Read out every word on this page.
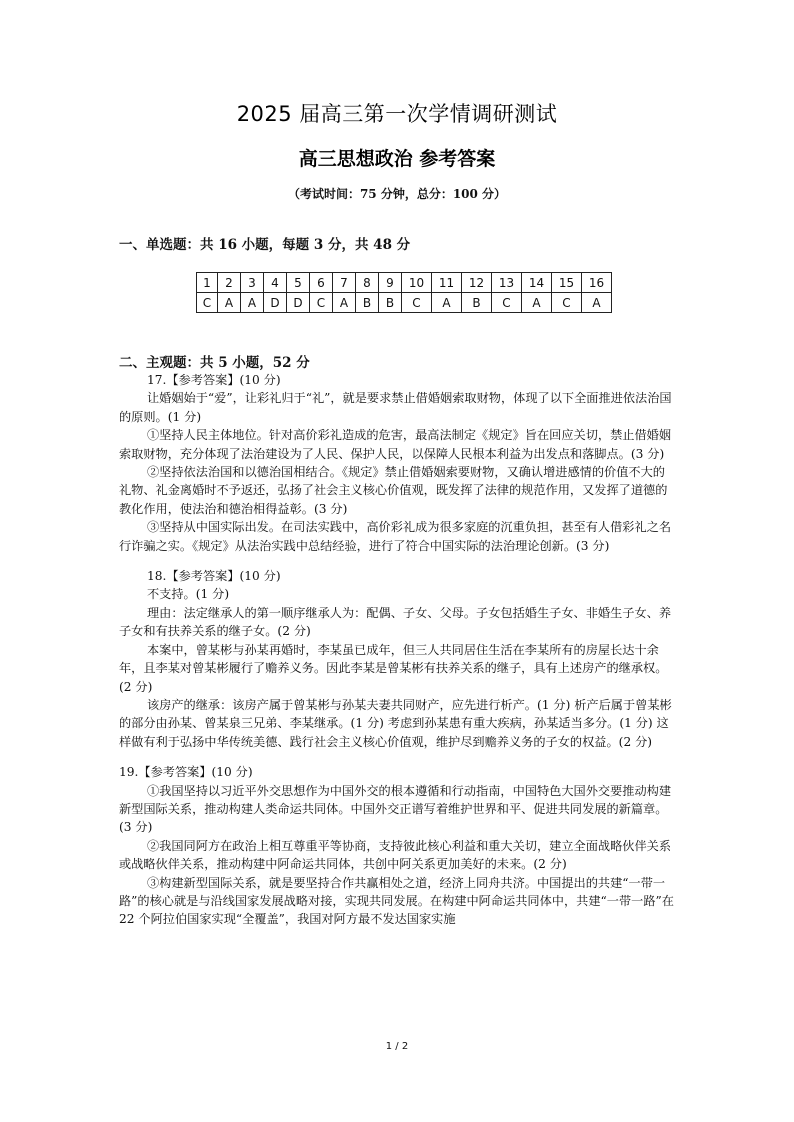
2025 届高三第一次学情调研测试
高三思想政治 参考答案
（考试时间：75 分钟，总分：100 分）
一、单选题：共 16 小题，每题 3 分，共 48 分
1	2	3	4	5	6	7	8	9	10	11	12	13	14	15	16
C	A	A	D	D	C	A	B	B	C	A	B	C	A	C	A
二、主观题：共 5 小题，52 分

17.【参考答案】(10 分)

让婚姻始于“爱”，让彩礼归于“礼”，就是要求禁止借婚姻索取财物，体现了以下全面推进依法治国的原则。(1 分)

①坚持人民主体地位。针对高价彩礼造成的危害，最高法制定《规定》旨在回应关切，禁止借婚姻索取财物，充分体现了法治建设为了人民、保护人民，以保障人民根本利益为出发点和落脚点。(3 分)

②坚持依法治国和以德治国相结合。《规定》禁止借婚姻索要财物，又确认增进感情的价值不大的礼物、礼金离婚时不予返还，弘扬了社会主义核心价值观，既发挥了法律的规范作用，又发挥了道德的教化作用，使法治和德治相得益彰。(3 分)

③坚持从中国实际出发。在司法实践中，高价彩礼成为很多家庭的沉重负担，甚至有人借彩礼之名行诈骗之实。《规定》从法治实践中总结经验，进行了符合中国实际的法治理论创新。(3 分)

18.【参考答案】(10 分)

不支持。(1 分)

理由：法定继承人的第一顺序继承人为：配偶、子女、父母。子女包括婚生子女、非婚生子女、养子女和有扶养关系的继子女。(2 分)

本案中，曾某彬与孙某再婚时，李某虽已成年，但三人共同居住生活在李某所有的房屋长达十余年，且李某对曾某彬履行了赡养义务。因此李某是曾某彬有扶养关系的继子，具有上述房产的继承权。(2 分)

该房产的继承：该房产属于曾某彬与孙某夫妻共同财产，应先进行析产。(1 分) 析产后属于曾某彬的部分由孙某、曾某泉三兄弟、李某继承。(1 分) 考虑到孙某患有重大疾病，孙某适当多分。(1 分) 这样做有利于弘扬中华传统美德、践行社会主义核心价值观，维护尽到赡养义务的子女的权益。(2 分)

19.【参考答案】(10 分)

①我国坚持以习近平外交思想作为中国外交的根本遵循和行动指南，中国特色大国外交要推动构建新型国际关系，推动构建人类命运共同体。中国外交正谱写着维护世界和平、促进共同发展的新篇章。(3 分)

②我国同阿方在政治上相互尊重平等协商，支持彼此核心利益和重大关切，建立全面战略伙伴关系或战略伙伴关系，推动构建中阿命运共同体，共创中阿关系更加美好的未来。(2 分)

③构建新型国际关系，就是要坚持合作共赢相处之道，经济上同舟共济。中国提出的共建“一带一路”的核心就是与沿线国家发展战略对接，实现共同发展。在构建中阿命运共同体中，共建“一带一路”在 22 个阿拉伯国家实现“全覆盖”，我国对阿方最不发达国家实施

1 / 2
